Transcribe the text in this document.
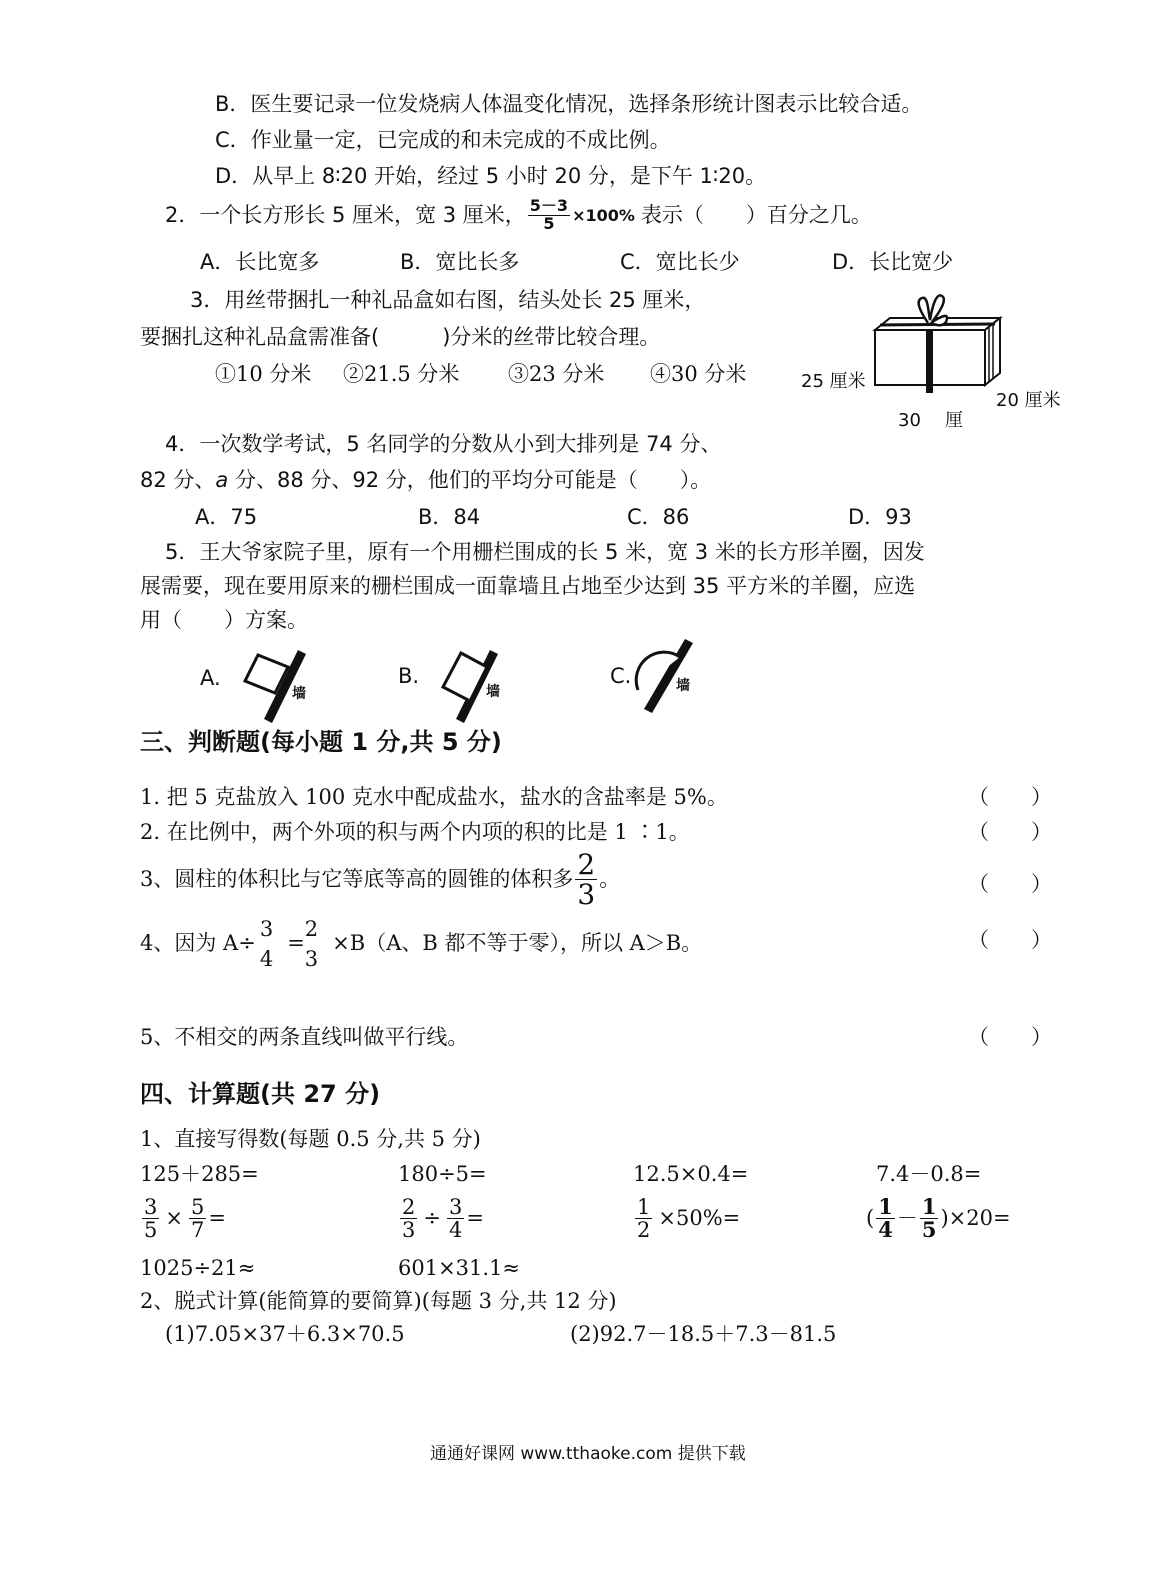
B．医生要记录一位发烧病人体温变化情况，选择条形统计图表示比较合适。
C．作业量一定，已完成的和未完成的不成比例。
D．从早上 8∶20 开始，经过 5 小时 20 分，是下午 1∶20。
2．一个长方形长 5 厘米，宽 3 厘米， $\frac{5-3}{5} \times 100\%$ 表示（　　）百分之几。
A．长比宽多	B．宽比长多	C．宽比长少	D．长比宽少
3．用丝带捆扎一种礼品盒如右图，结头处长 25 厘米，
要捆扎这种礼品盒需准备(　　　)分米的丝带比较合理。
①10 分米 ②21.5 分米 ③23 分米 ④30 分米	25 厘米
20 厘米
30 厘
4．一次数学考试，5 名同学的分数从小到大排列是 74 分、
82 分、a 分、88 分、92 分，他们的平均分可能是（　　）。
A．75	B．84	C．86	D．93
5．王大爷家院子里，原有一个用栅栏围成的长 5 米，宽 3 米的长方形羊圈，因发
展需要，现在要用原来的栅栏围成一面靠墙且占地至少达到 35 平方米的羊圈，应选
用（　　）方案。
A.
墙
B.
墙
C.	墙
三、判断题(每小题 1 分,共 5 分)
1. 把 5 克盐放入 100 克水中配成盐水，盐水的含盐率是 5%。	（　　）
2. 在比例中，两个外项的积与两个内项的积的比是 1 ∶1。	（　　）
3、圆柱的体积比与它等底等高的圆锥的体积多 $\frac{2}{3}$ 。	（　　）
4、因为 A÷
3
4
=
2
3
×B（A、B 都不等于零），所以 A＞B。	（　　）
5、不相交的两条直线叫做平行线。	（　　）
四、计算题(共 27 分)
1、直接写得数(每题 0.5 分,共 5 分)
125＋285=	180÷5=	12.5×0.4=	7.4－0.8=
$\frac{3}{5} \times \frac{5}{7}$ =	$\frac{2}{3} \div \frac{3}{4}$ =	$\frac{1}{2} \times 50\%=$	( $\frac{1}{4} - \frac{1}{5} )\times 20=$
1025÷21≈	601×31.1≈
2、脱式计算(能简算的要简算)(每题 3 分,共 12 分)
(1)7.05×37＋6.3×70.5	(2)92.7－18.5＋7.3－81.5
通通好课网 www.tthaoke.com 提供下载
